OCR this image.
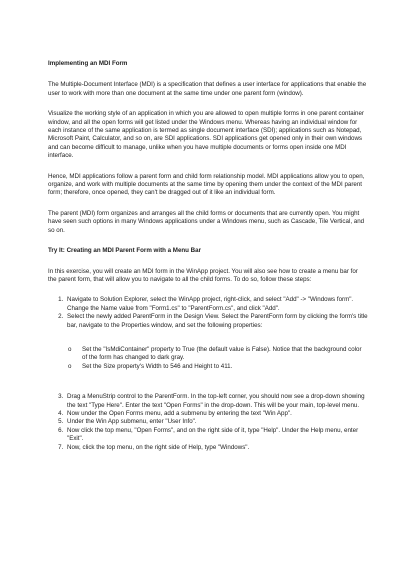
Implementing an MDI Form

The Multiple-Document Interface (MDI) is a specification that defines a user interface for applications that enable the user to work with more than one document at the same time under one parent form (window).

Visualize the working style of an application in which you are allowed to open multiple forms in one parent container window, and all the open forms will get listed under the Windows menu. Whereas having an individual window for each instance of the same application is termed as single document interface (SDI); applications such as Notepad, Microsoft Paint, Calculator, and so on, are SDI applications. SDI applications get opened only in their own windows and can become difficult to manage, unlike when you have multiple documents or forms open inside one MDI interface.

Hence, MDI applications follow a parent form and child form relationship model. MDI applications allow you to open, organize, and work with multiple documents at the same time by opening them under the context of the MDI parent form; therefore, once opened, they can't be dragged out of it like an individual form.

The parent (MDI) form organizes and arranges all the child forms or documents that are currently open. You might have seen such options in many Windows applications under a Windows menu, such as Cascade, Tile Vertical, and so on.

Try It: Creating an MDI Parent Form with a Menu Bar

In this exercise, you will create an MDI form in the WinApp project. You will also see how to create a menu bar for the parent form, that will allow you to navigate to all the child forms. To do so, follow these steps:

1. Navigate to Solution Explorer, select the WinApp project, right-click, and select "Add" -> "Windows form". Change the Name value from "Form1.cs" to "ParentForm.cs", and click "Add".
2. Select the newly added ParentForm in the Design View. Select the ParentForm form by clicking the form's title bar, navigate to the Properties window, and set the following properties:
o Set the "IsMdiContainer" property to True (the default value is False). Notice that the background color of the form has changed to dark gray.
o Set the Size property's Width to 546 and Height to 411.
3. Drag a MenuStrip control to the ParentForm. In the top-left corner, you should now see a drop-down showing the text "Type Here". Enter the text "Open Forms" in the drop-down. This will be your main, top-level menu.
4. Now under the Open Forms menu, add a submenu by entering the text "Win App".
5. Under the Win App submenu, enter "User Info".
6. Now click the top menu, "Open Forms", and on the right side of it, type "Help". Under the Help menu, enter "Exit".
7. Now, click the top menu, on the right side of Help, type "Windows".
